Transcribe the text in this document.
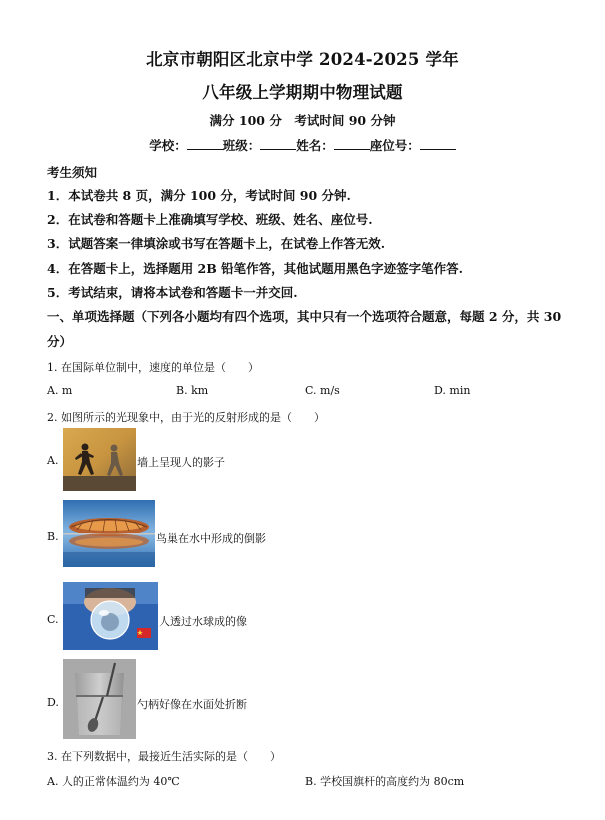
北京市朝阳区北京中学 2024-2025 学年
八年级上学期期中物理试题
满分 100 分　考试时间 90 分钟
学校：	班级：	姓名：	座位号：
考生须知
1．本试卷共 8 页，满分 100 分，考试时间 90 分钟.
2．在试卷和答题卡上准确填写学校、班级、姓名、座位号.
3．试题答案一律填涂或书写在答题卡上，在试卷上作答无效.
4．在答题卡上，选择题用 2B 铅笔作答，其他试题用黑色字迹签字笔作答.
5．考试结束，请将本试卷和答题卡一并交回.
一、单项选择题（下列各小题均有四个选项，其中只有一个选项符合题意，每题 2 分，共 30
分）
1. 在国际单位制中，速度的单位是（　　）
A. m	B. km	C. m/s	D. min
2. 如图所示的光现象中，由于光的反射形成的是（　　）
A.	墙上呈现人的影子
B.	鸟巢在水中形成的倒影
C.	人透过水球成的像
D.	勺柄好像在水面处折断
3. 在下列数据中，最接近生活实际的是（　　）
A. 人的正常体温约为 40℃	B. 学校国旗杆的高度约为 80cm
